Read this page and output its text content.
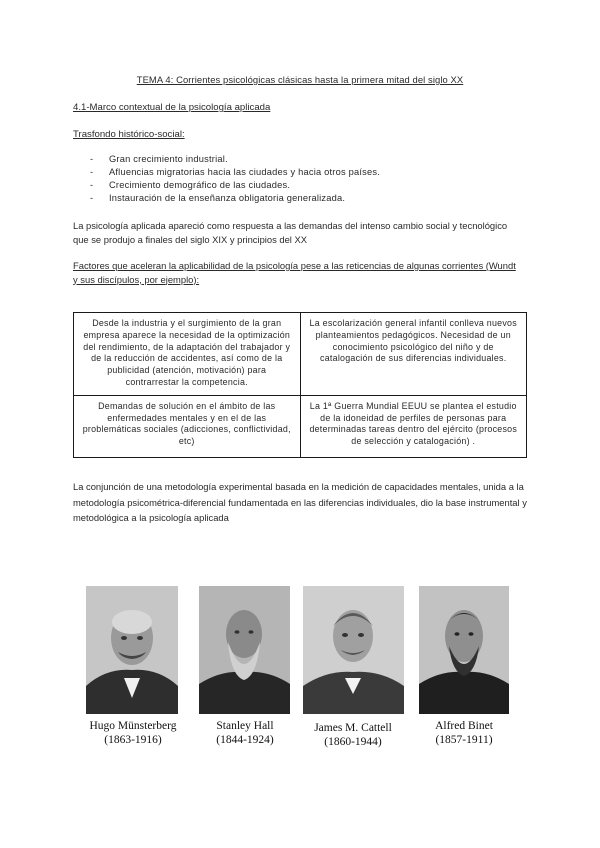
TEMA 4: Corrientes psicológicas clásicas hasta la primera mitad del siglo XX
4.1-Marco contextual de la psicología aplicada
Trasfondo histórico-social:
- Gran crecimiento industrial.
- Afluencias migratorias hacia las ciudades y hacia otros países.
- Crecimiento demográfico de las ciudades.
- Instauración de la enseñanza obligatoria generalizada.
La psicología aplicada apareció como respuesta a las demandas del intenso cambio social y tecnológico que se produjo a finales del siglo XIX y principios del XX
Factores que aceleran la aplicabilidad de la psicología pese a las reticencias de algunas corrientes (Wundt y sus discípulos, por ejemplo):
Desde la industria y el surgimiento de la gran empresa aparece la necesidad de la optimización del rendimiento, de la adaptación del trabajador y de la reducción de accidentes, así como de la publicidad (atención, motivación) para contrarrestar la competencia.	La escolarización general infantil conlleva nuevos planteamientos pedagógicos. Necesidad de un conocimiento psicológico del niño y de catalogación de sus diferencias individuales.
Demandas de solución en el ámbito de las enfermedades mentales y en el de las problemáticas sociales (adicciones, conflictividad, etc)	La 1ª Guerra Mundial EEUU se plantea el estudio de la idoneidad de perfiles de personas para determinadas tareas dentro del ejército (procesos de selección y catalogación) .
La conjunción de una metodología experimental basada en la medición de capacidades mentales, unida a la metodología psicométrica-diferencial fundamentada en las diferencias individuales, dio la base instrumental y metodológica a la psicología aplicada
Hugo Münsterberg
(1863-1916)
Stanley Hall
(1844-1924)
James M. Cattell
(1860-1944)
Alfred Binet
(1857-1911)
